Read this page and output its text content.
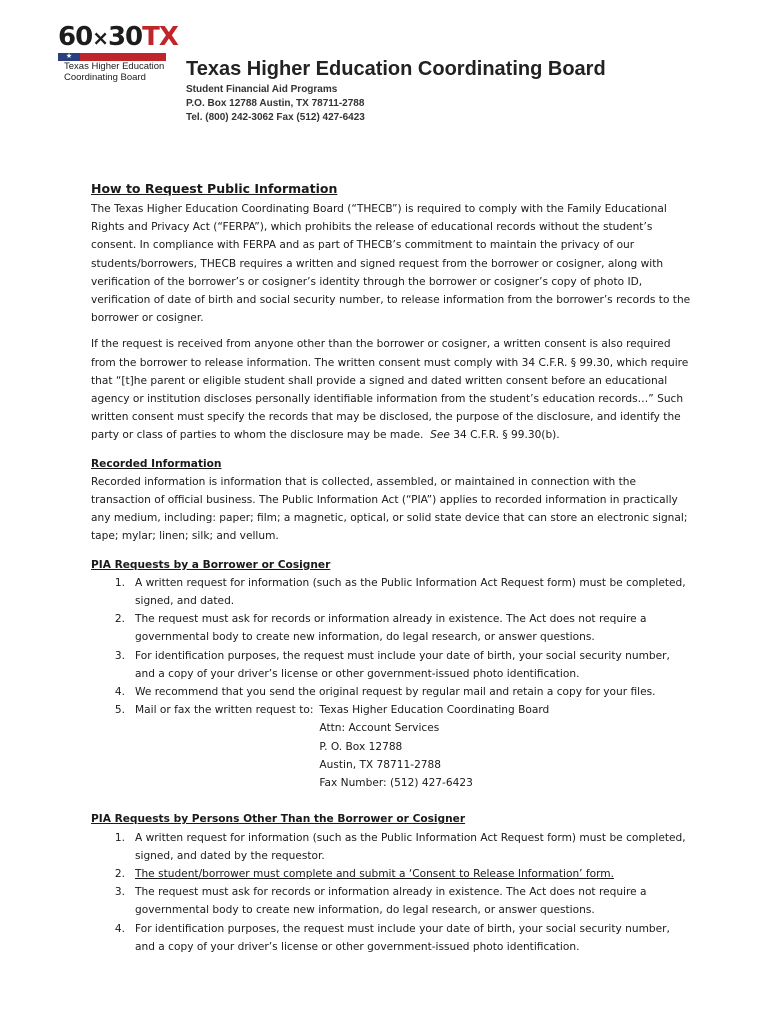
60×30TX
★
Texas Higher Education
Coordinating Board	Texas Higher Education Coordinating Board
Student Financial Aid Programs
P.O. Box 12788 Austin, TX 78711-2788
Tel. (800) 242-3062 Fax (512) 427-6423
How to Request Public Information

The Texas Higher Education Coordinating Board (“THECB”) is required to comply with the Family Educational Rights and Privacy Act (“FERPA”), which prohibits the release of educational records without the student’s consent. In compliance with FERPA and as part of THECB’s commitment to maintain the privacy of our students/borrowers, THECB requires a written and signed request from the borrower or cosigner, along with verification of the borrower’s or cosigner’s identity through the borrower or cosigner’s copy of photo ID, verification of date of birth and social security number, to release information from the borrower’s records to the borrower or cosigner.

If the request is received from anyone other than the borrower or cosigner, a written consent is also required from the borrower to release information. The written consent must comply with 34 C.F.R. § 99.30, which require that “[t]he parent or eligible student shall provide a signed and dated written consent before an educational agency or institution discloses personally identifiable information from the student’s education records…” Such written consent must specify the records that may be disclosed, the purpose of the disclosure, and identify the party or class of parties to whom the disclosure may be made. See 34 C.F.R. § 99.30(b).

Recorded Information

Recorded information is information that is collected, assembled, or maintained in connection with the transaction of official business. The Public Information Act (“PIA”) applies to recorded information in practically any medium, including: paper; film; a magnetic, optical, or solid state device that can store an electronic signal; tape; mylar; linen; silk; and vellum.

PIA Requests by a Borrower or Cosigner
1. A written request for information (such as the Public Information Act Request form) must be completed, signed, and dated.
2. The request must ask for records or information already in existence. The Act does not require a governmental body to create new information, do legal research, or answer questions.
3. For identification purposes, the request must include your date of birth, your social security number, and a copy of your driver’s license or other government-issued photo identification.
4. We recommend that you send the original request by regular mail and retain a copy for your files.
5. Mail or fax the written request to: Texas Higher Education Coordinating Board
Attn: Account Services
P. O. Box 12788
Austin, TX 78711-2788
Fax Number: (512) 427-6423
PIA Requests by Persons Other Than the Borrower or Cosigner
1. A written request for information (such as the Public Information Act Request form) must be completed, signed, and dated by the requestor.
2. The student/borrower must complete and submit a ‘Consent to Release Information’ form.
3. The request must ask for records or information already in existence. The Act does not require a governmental body to create new information, do legal research, or answer questions.
4. For identification purposes, the request must include your date of birth, your social security number, and a copy of your driver’s license or other government-issued photo identification.
